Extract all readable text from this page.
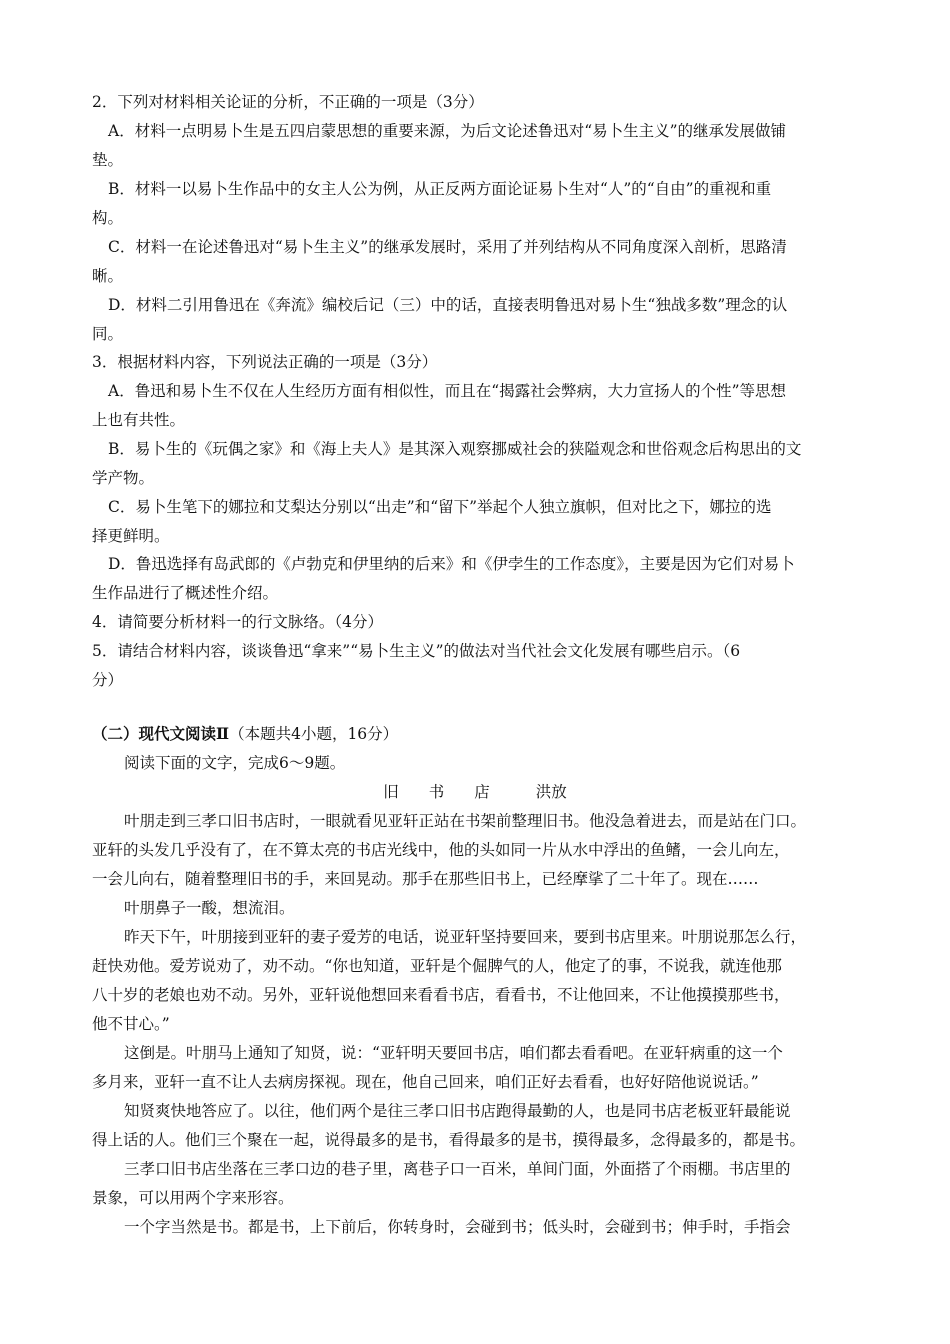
2．下列对材料相关论证的分析，不正确的一项是（3分）
A．材料一点明易卜生是五四启蒙思想的重要来源，为后文论述鲁迅对“易卜生主义”的继承发展做铺
垫。
B．材料一以易卜生作品中的女主人公为例，从正反两方面论证易卜生对“人”的“自由”的重视和重
构。
C．材料一在论述鲁迅对“易卜生主义”的继承发展时，采用了并列结构从不同角度深入剖析，思路清
晰。
D．材料二引用鲁迅在《奔流》编校后记（三）中的话，直接表明鲁迅对易卜生“独战多数”理念的认
同。
3．根据材料内容，下列说法正确的一项是（3分）
A．鲁迅和易卜生不仅在人生经历方面有相似性，而且在“揭露社会弊病，大力宣扬人的个性”等思想
上也有共性。
B．易卜生的《玩偶之家》和《海上夫人》是其深入观察挪威社会的狭隘观念和世俗观念后构思出的文
学产物。
C．易卜生笔下的娜拉和艾梨达分别以“出走”和“留下”举起个人独立旗帜，但对比之下，娜拉的选
择更鲜明。
D．鲁迅选择有岛武郎的《卢勃克和伊里纳的后来》和《伊孛生的工作态度》，主要是因为它们对易卜
生作品进行了概述性介绍。
4．请简要分析材料一的行文脉络。（4分）
5．请结合材料内容，谈谈鲁迅“拿来”“易卜生主义”的做法对当代社会文化发展有哪些启示。（6
分）
（二）现代文阅读Ⅱ（本题共4小题，16分）
阅读下面的文字，完成6～9题。
旧 书 店	洪放
叶朋走到三孝口旧书店时，一眼就看见亚轩正站在书架前整理旧书。他没急着进去，而是站在门口。
亚轩的头发几乎没有了，在不算太亮的书店光线中，他的头如同一片从水中浮出的鱼鳍，一会儿向左，
一会儿向右，随着整理旧书的手，来回晃动。那手在那些旧书上，已经摩挲了二十年了。现在……
叶朋鼻子一酸，想流泪。
昨天下午，叶朋接到亚轩的妻子爱芳的电话，说亚轩坚持要回来，要到书店里来。叶朋说那怎么行，
赶快劝他。爱芳说劝了，劝不动。“你也知道，亚轩是个倔脾气的人，他定了的事，不说我，就连他那
八十岁的老娘也劝不动。另外，亚轩说他想回来看看书店，看看书，不让他回来，不让他摸摸那些书，
他不甘心。”
这倒是。叶朋马上通知了知贤，说：“亚轩明天要回书店，咱们都去看看吧。在亚轩病重的这一个
多月来，亚轩一直不让人去病房探视。现在，他自己回来，咱们正好去看看，也好好陪他说说话。”
知贤爽快地答应了。以往，他们两个是往三孝口旧书店跑得最勤的人，也是同书店老板亚轩最能说
得上话的人。他们三个聚在一起，说得最多的是书，看得最多的是书，摸得最多，念得最多的，都是书。
三孝口旧书店坐落在三孝口边的巷子里，离巷子口一百米，单间门面，外面搭了个雨棚。书店里的
景象，可以用两个字来形容。
一个字当然是书。都是书，上下前后，你转身时，会碰到书；低头时，会碰到书；伸手时，手指会
